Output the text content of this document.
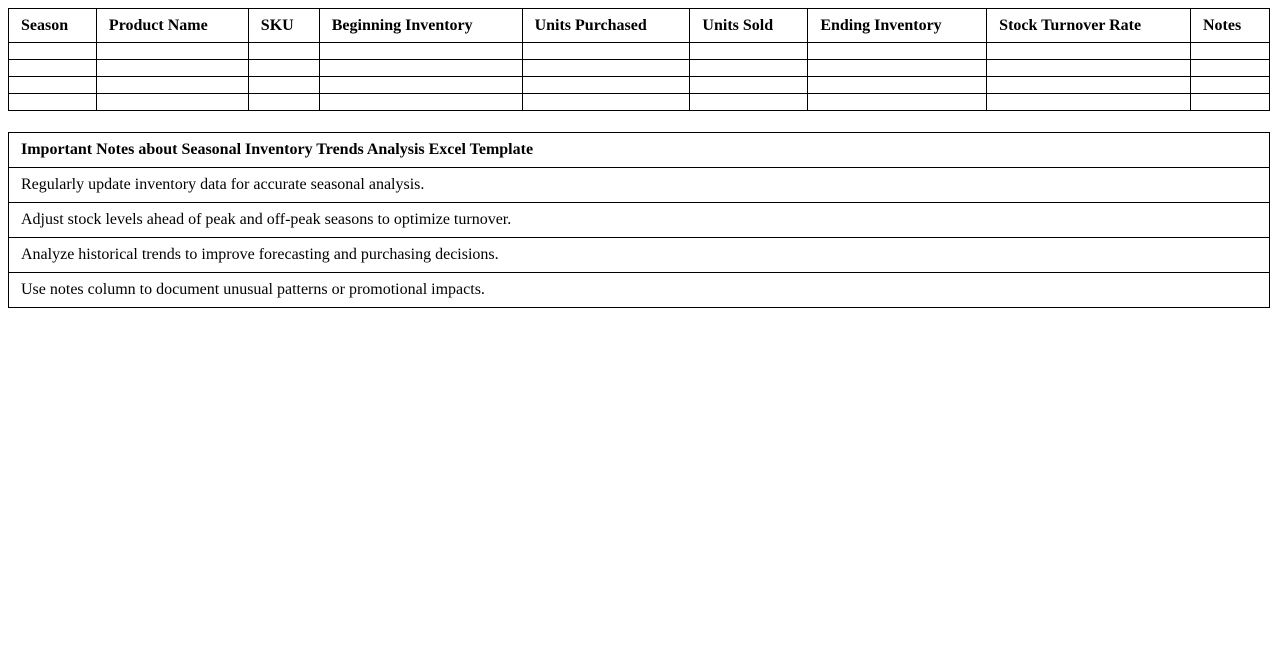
Season	Product Name	SKU	Beginning Inventory	Units Purchased	Units Sold	Ending Inventory	Stock Turnover Rate	Notes

Important Notes about Seasonal Inventory Trends Analysis Excel Template
Regularly update inventory data for accurate seasonal analysis.
Adjust stock levels ahead of peak and off-peak seasons to optimize turnover.
Analyze historical trends to improve forecasting and purchasing decisions.
Use notes column to document unusual patterns or promotional impacts.
